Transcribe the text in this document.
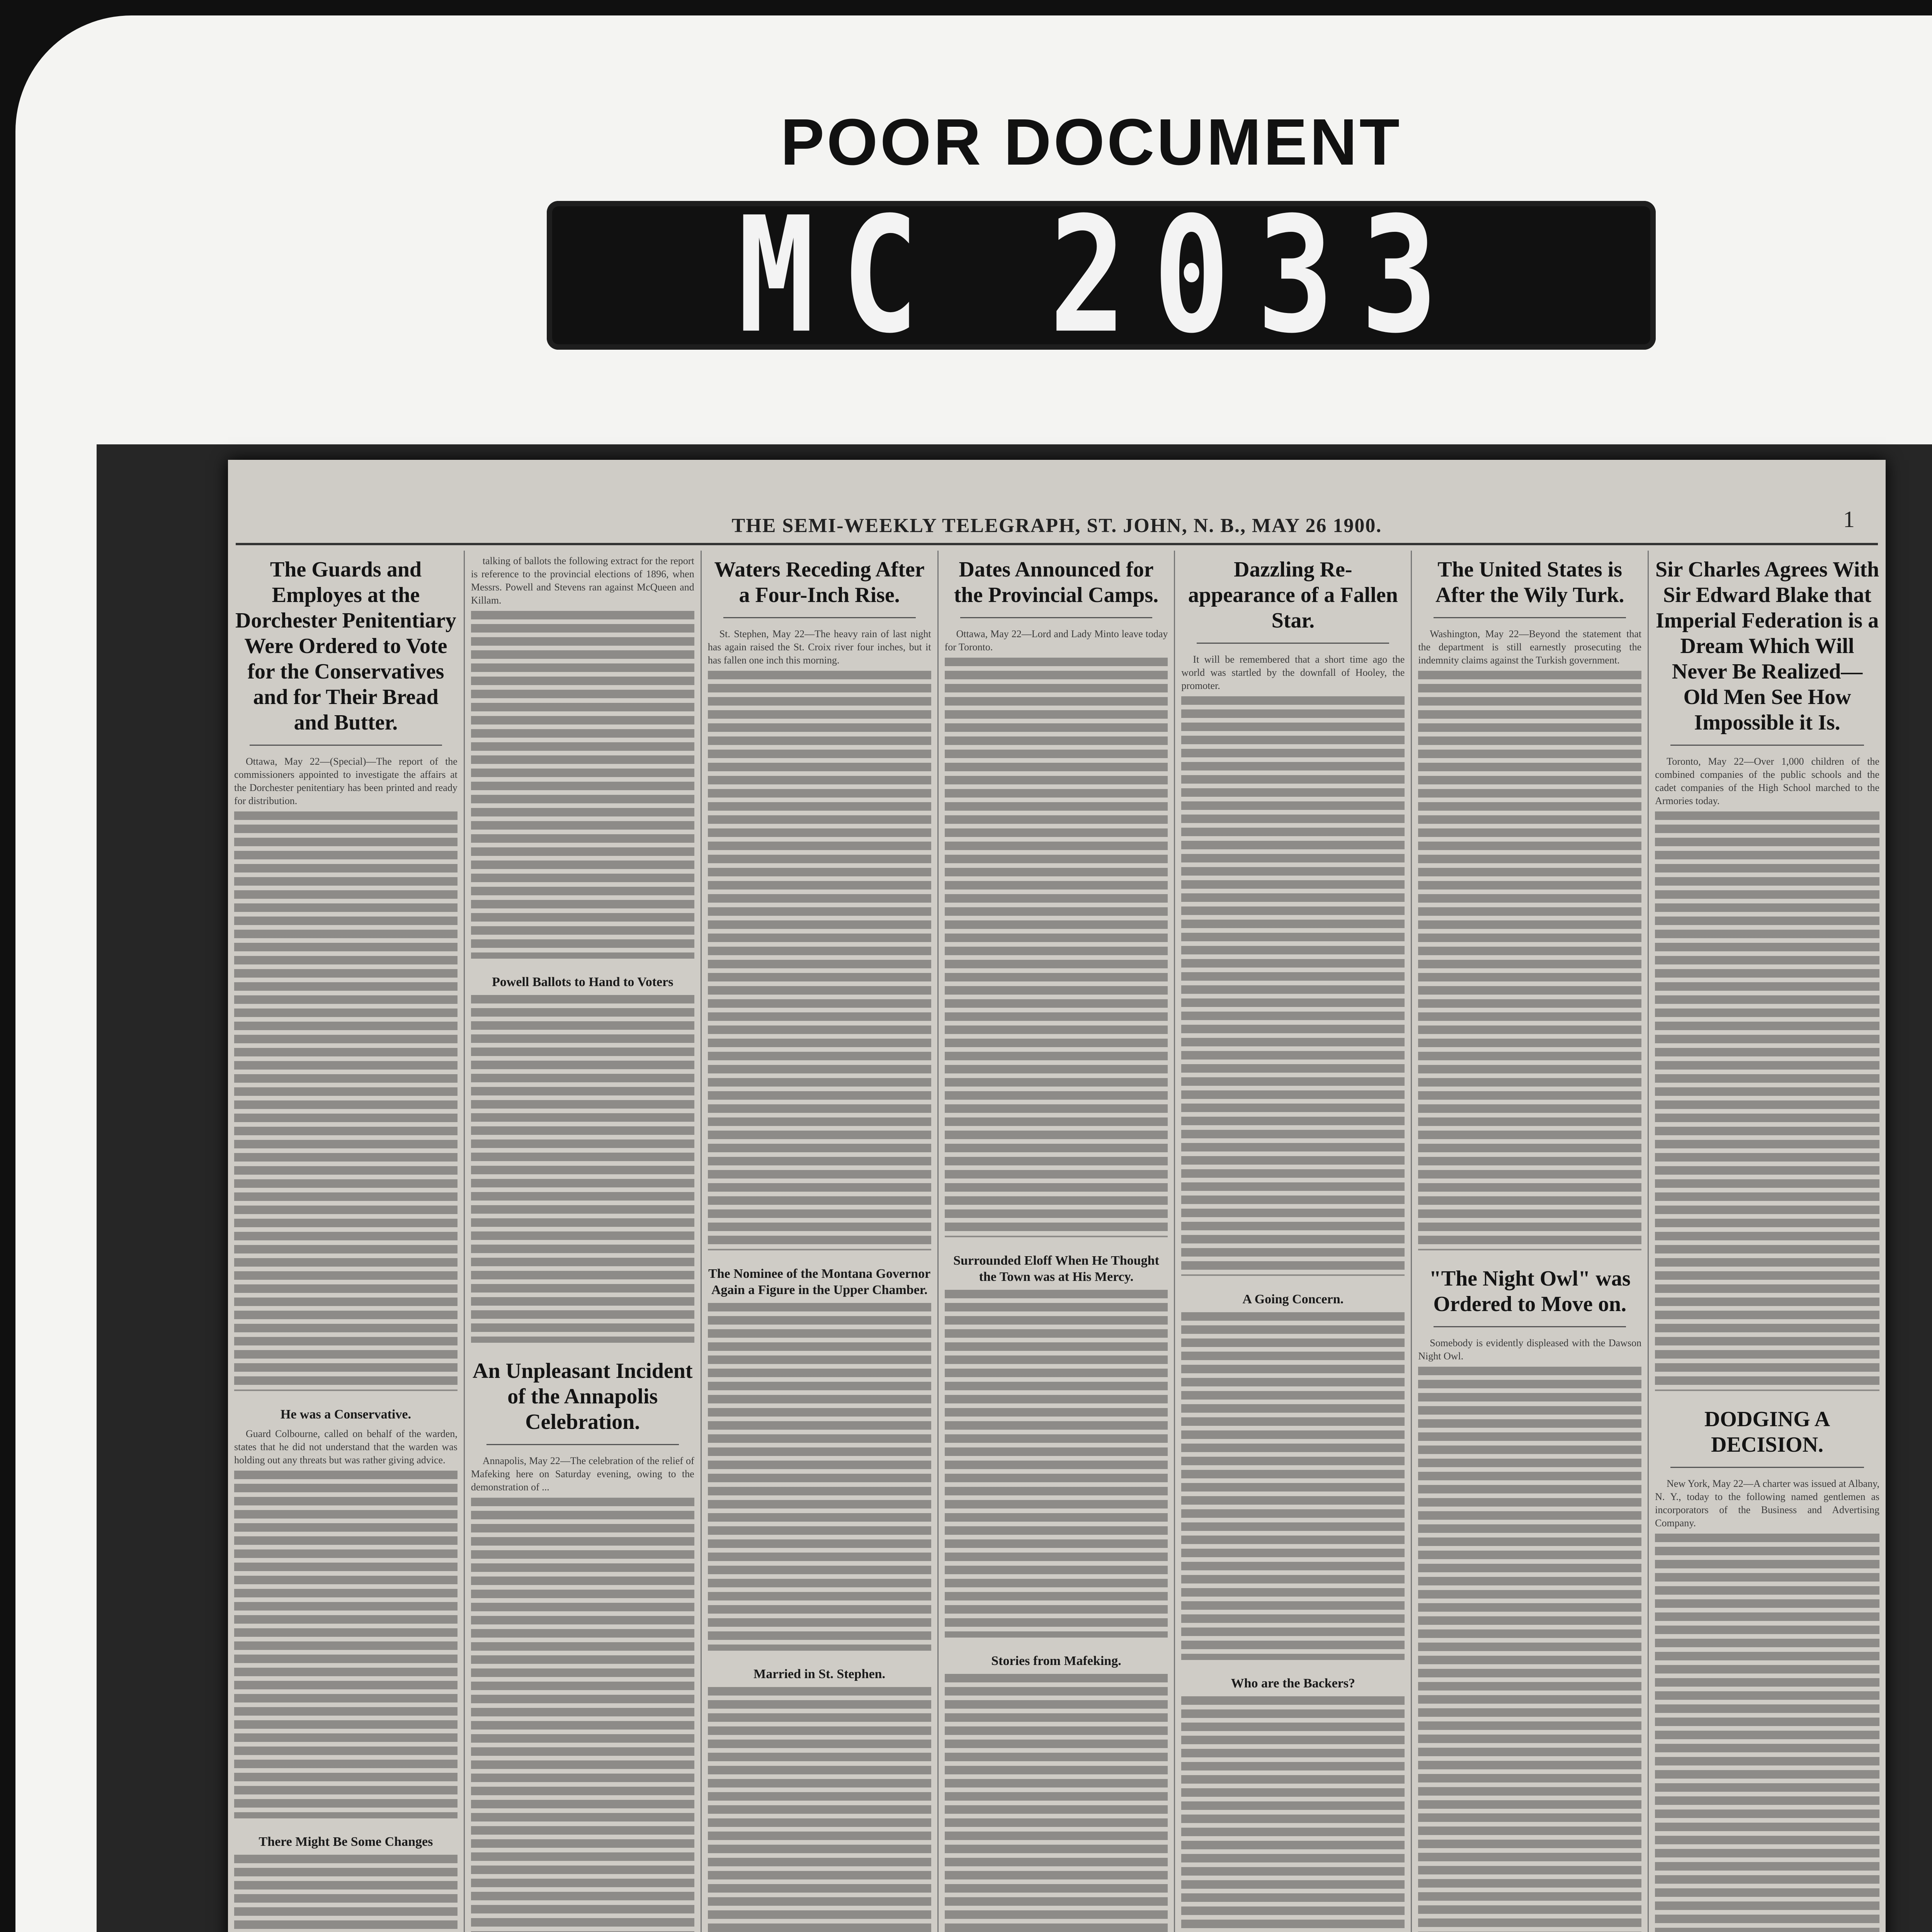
POOR DOCUMENT
MC 2033
THE SEMI-WEEKLY TELEGRAPH, ST. JOHN, N. B., MAY 26 1900.	1
The Guards and Employes at the Dorchester Penitentiary Were Ordered to Vote for the Conservatives and for Their Bread and Butter.

Ottawa, May 22—(Special)—The report of the commissioners appointed to investigate the affairs at the Dorchester penitentiary has been printed and ready for distribution.

He was a Conservative.

Guard Colbourne, called on behalf of the warden, states that he did not understand that the warden was holding out any threats but was rather giving advice.

There Might Be Some Changes

talking of ballots the following extract for the report is reference to the provincial elections of 1896, when Messrs. Powell and Stevens ran against McQueen and Killam.

Powell Ballots to Hand to Voters
An Unpleasant Incident of the Annapolis Celebration.

Annapolis, May 22—The celebration of the relief of Mafeking here on Saturday evening, owing to the demonstration of ...

Waters Receding After a Four-Inch Rise.

St. Stephen, May 22—The heavy rain of last night has again raised the St. Croix river four inches, but it has fallen one inch this morning.

The Nominee of the Montana Governor Again a Figure in the Upper Chamber.
Married in St. Stephen.
Dates Announced for the Provincial Camps.

Ottawa, May 22—Lord and Lady Minto leave today for Toronto.

Surrounded Eloff When He Thought the Town was at His Mercy.
Stories from Mafeking.
Dazzling Re-appearance of a Fallen Star.

It will be remembered that a short time ago the world was startled by the downfall of Hooley, the promoter.

A Going Concern.
Who are the Backers?

The United States is After the Wily Turk.

Washington, May 22—Beyond the statement that the department is still earnestly prosecuting the indemnity claims against the Turkish government.

"The Night Owl" was Ordered to Move on.

Somebody is evidently displeased with the Dawson Night Owl.

Sir Charles Agrees With Sir Edward Blake that Imperial Federation is a Dream Which Will Never Be Realized—Old Men See How Impossible it Is.

Toronto, May 22—Over 1,000 children of the combined companies of the public schools and the cadet companies of the High School marched to the Armories today.

DODGING A DECISION.

New York, May 22—A charter was issued at Albany, N. Y., today to the following named gentlemen as incorporators of the Business and Advertising Company.
